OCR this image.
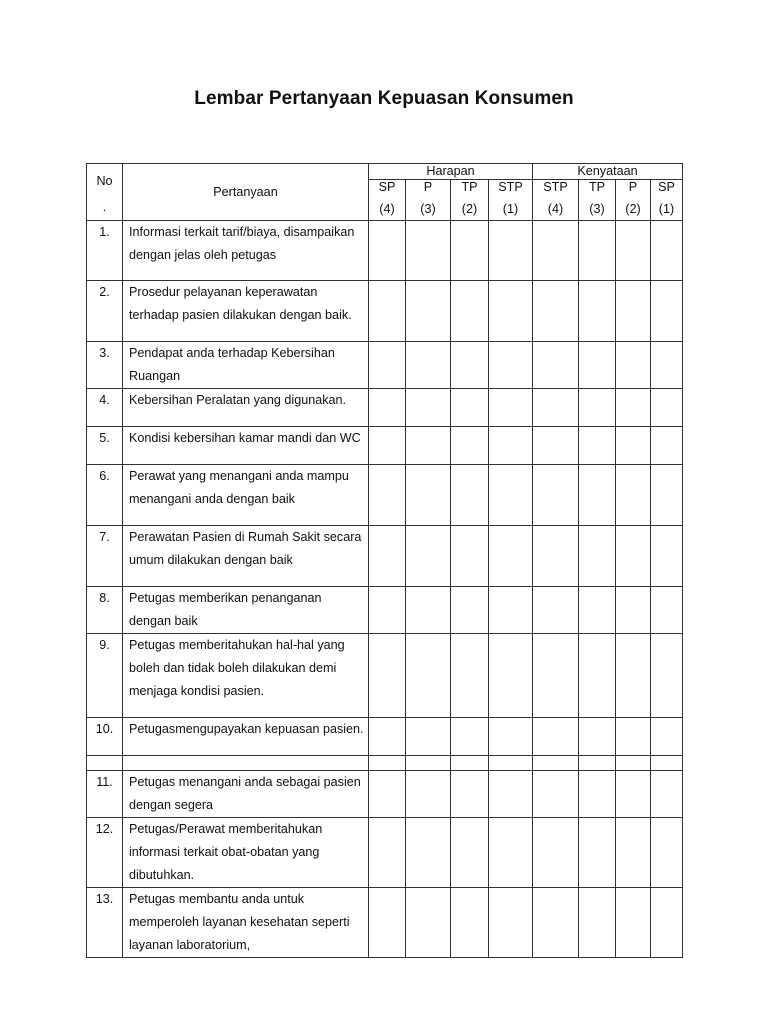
Lembar Pertanyaan Kepuasan Konsumen
No
.	Pertanyaan	Harapan				Kenyataan			
		SP	P	TP	STP	STP	TP	P	SP
		(4)	(3)	(2)	(1)	(4)	(3)	(2)	(1)
1.	Informasi terkait tarif/biaya, disampaikan dengan jelas oleh petugas								
2.	Prosedur pelayanan keperawatan terhadap pasien dilakukan dengan baik.								
3.	Pendapat anda terhadap Kebersihan Ruangan								
4.	Kebersihan Peralatan yang digunakan.								
5.	Kondisi kebersihan kamar mandi dan WC								
6.	Perawat yang menangani anda mampu menangani anda dengan baik								
7.	Perawatan Pasien di Rumah Sakit secara umum dilakukan dengan baik								
8.	Petugas memberikan penanganan dengan baik								
9.	Petugas memberitahukan hal-hal yang boleh dan tidak boleh dilakukan demi menjaga kondisi pasien.								
10.	Petugasmengupayakan kepuasan pasien.								

11.	Petugas menangani anda sebagai pasien dengan segera								
12.	Petugas/Perawat memberitahukan informasi terkait obat-obatan yang dibutuhkan.								
13.	Petugas membantu anda untuk memperoleh layanan kesehatan seperti layanan laboratorium,								
